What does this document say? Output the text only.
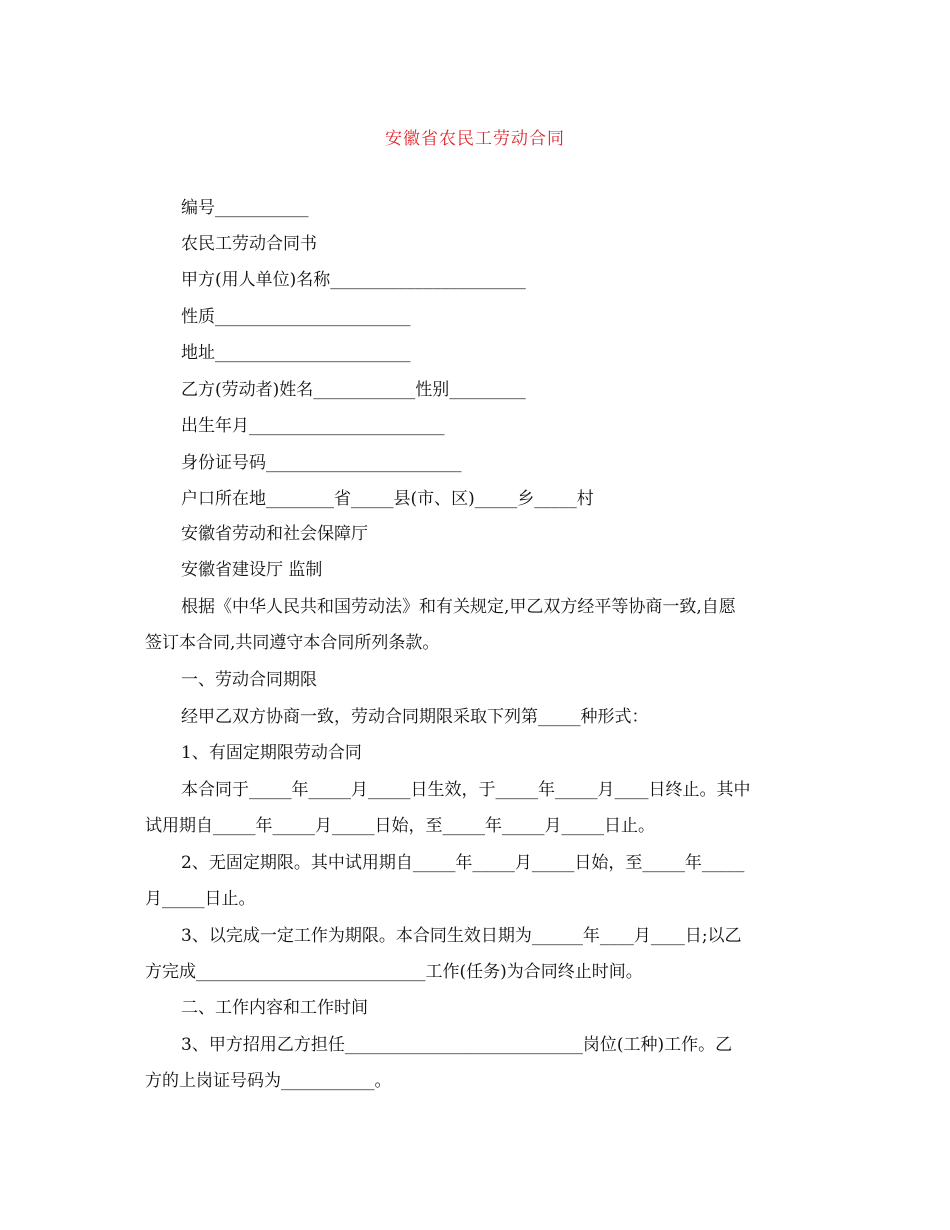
安徽省农民工劳动合同
编号___________
农民工劳动合同书
甲方(用人单位)名称_______________________
性质_______________________
地址_______________________
乙方(劳动者)姓名____________性别_________
出生年月_______________________
身份证号码_______________________
户口所在地________省_____县(市、区)_____乡_____村
安徽省劳动和社会保障厅
安徽省建设厅 监制
根据《中华人民共和国劳动法》和有关规定,甲乙双方经平等协商一致,自愿
签订本合同,共同遵守本合同所列条款。
一、劳动合同期限
经甲乙双方协商一致，劳动合同期限采取下列第_____种形式：
1、有固定期限劳动合同
本合同于_____年_____月_____日生效，于_____年_____月____日终止。其中
试用期自_____年_____月_____日始，至_____年_____月_____日止。
2、无固定期限。其中试用期自_____年_____月_____日始，至_____年_____
月_____日止。
3、以完成一定工作为期限。本合同生效日期为______年____月____日;以乙
方完成___________________________工作(任务)为合同终止时间。
二、工作内容和工作时间
3、甲方招用乙方担任____________________________岗位(工种)工作。乙
方的上岗证号码为___________。
